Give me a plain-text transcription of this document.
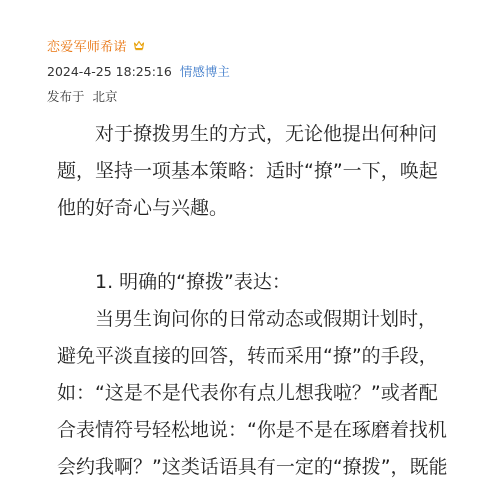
恋爱军师希诺
2024-4-25 18:25:16 情感博主
发布于 北京

对于撩拨男生的方式，无论他提出何种问
题，坚持一项基本策略：适时“撩”一下，唤起
他的好奇心与兴趣。

1. 明确的“撩拨”表达：

当男生询问你的日常动态或假期计划时，
避免平淡直接的回答，转而采用“撩”的手段，
如：“这是不是代表你有点儿想我啦？”或者配
合表情符号轻松地说：“你是不是在琢磨着找机
会约我啊？”这类话语具有一定的“撩拨”，既能
